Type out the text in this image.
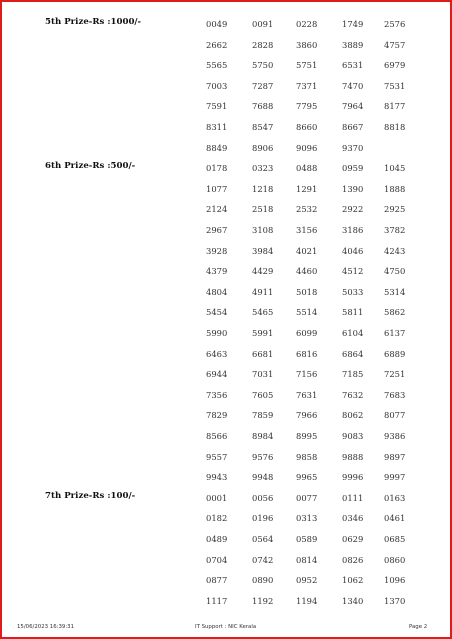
5th Prize-Rs :1000/-	0049	0091	0228	1749 2576
2662	2828	3860	3889 4757
5565	5750	5751	6531 6979
7003	7287	7371	7470 7531
7591	7688	7795	7964 8177
8311	8547	8660	8667 8818
8849	8906	9096	9370
6th Prize-Rs :500/-	0178	0323	0488	0959 1045
1077	1218	1291	1390 1888
2124	2518	2532	2922 2925
2967	3108	3156	3186 3782
3928	3984	4021	4046 4243
4379	4429	4460	4512 4750
4804	4911	5018	5033 5314
5454	5465	5514	5811 5862
5990	5991	6099	6104 6137
6463	6681	6816	6864 6889
6944	7031	7156	7185 7251
7356	7605	7631	7632 7683
7829	7859	7966	8062 8077
8566	8984	8995	9083 9386
9557	9576	9858	9888 9897
9943	9948	9965	9996 9997
7th Prize-Rs :100/-	0001	0056	0077	0111 0163
0182	0196	0313	0346 0461
0489	0564	0589	0629 0685
0704	0742	0814	0826 0860
0877	0890	0952	1062 1096
1117	1192	1194	1340 1370
15/06/2023 16:39:31	IT Support : NIC Kerala	Page 2
